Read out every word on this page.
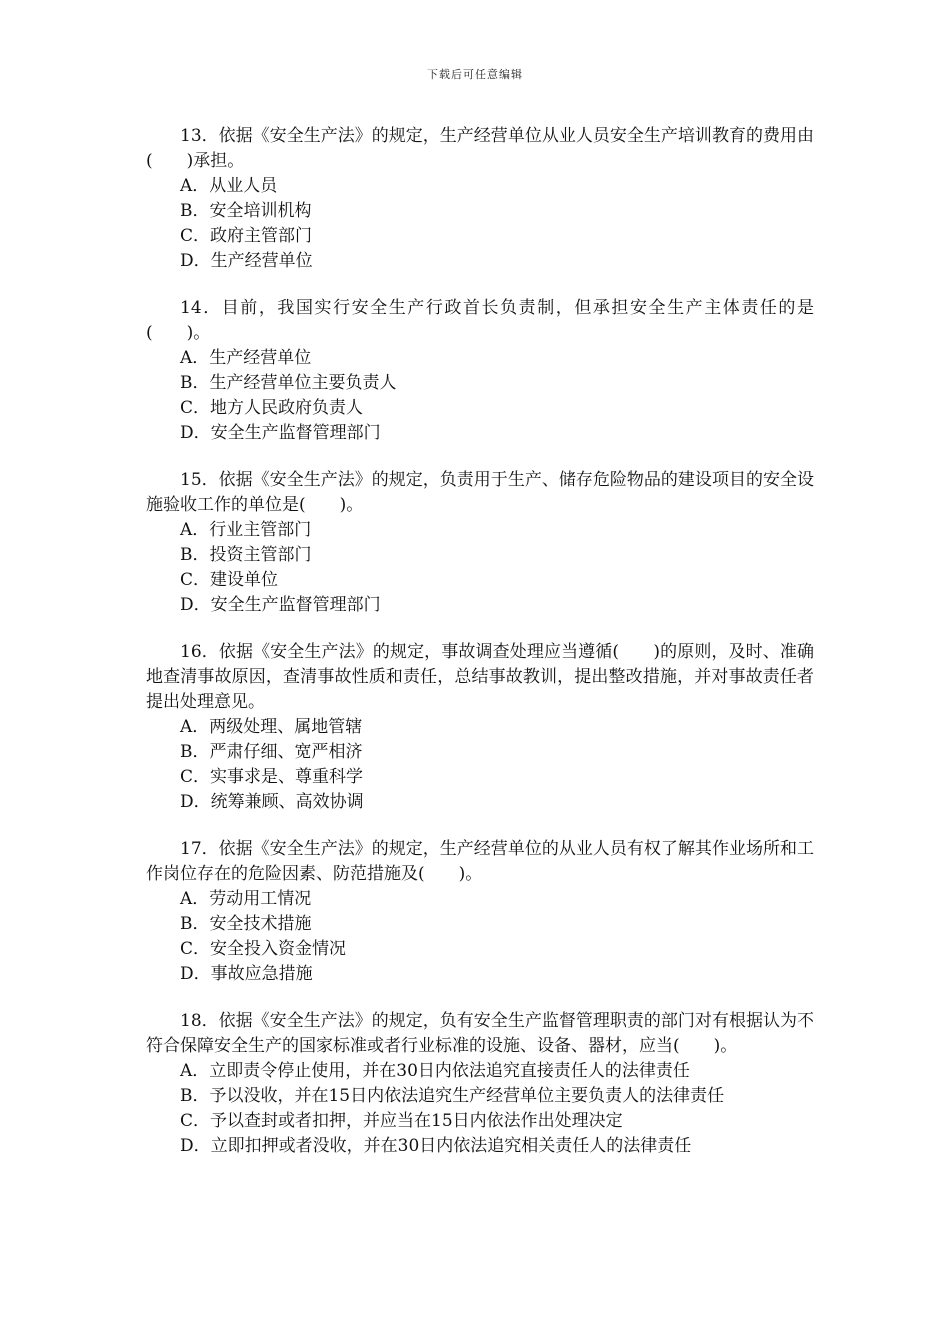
下载后可任意编辑

13．依据《安全生产法》的规定，生产经营单位从业人员安全生产培训教育的费用由(　　)承担。

A．从业人员
B．安全培训机构
C．政府主管部门
D．生产经营单位

14．目前，我国实行安全生产行政首长负责制，但承担安全生产主体责任的是(　　)。

A．生产经营单位
B．生产经营单位主要负责人
C．地方人民政府负责人
D．安全生产监督管理部门

15．依据《安全生产法》的规定，负责用于生产、储存危险物品的建设项目的安全设施验收工作的单位是(　　)。

A．行业主管部门
B．投资主管部门
C．建设单位
D．安全生产监督管理部门

16．依据《安全生产法》的规定，事故调查处理应当遵循(　　)的原则，及时、准确地查清事故原因，查清事故性质和责任，总结事故教训，提出整改措施，并对事故责任者提出处理意见。

A．两级处理、属地管辖
B．严肃仔细、宽严相济
C．实事求是、尊重科学
D．统筹兼顾、高效协调

17．依据《安全生产法》的规定，生产经营单位的从业人员有权了解其作业场所和工作岗位存在的危险因素、防范措施及(　　)。

A．劳动用工情况
B．安全技术措施
C．安全投入资金情况
D．事故应急措施

18．依据《安全生产法》的规定，负有安全生产监督管理职责的部门对有根据认为不符合保障安全生产的国家标准或者行业标准的设施、设备、器材，应当(　　)。

A．立即责令停止使用，并在30日内依法追究直接责任人的法律责任
B．予以没收，并在15日内依法追究生产经营单位主要负责人的法律责任
C．予以查封或者扣押，并应当在15日内依法作出处理决定
D．立即扣押或者没收，并在30日内依法追究相关责任人的法律责任
